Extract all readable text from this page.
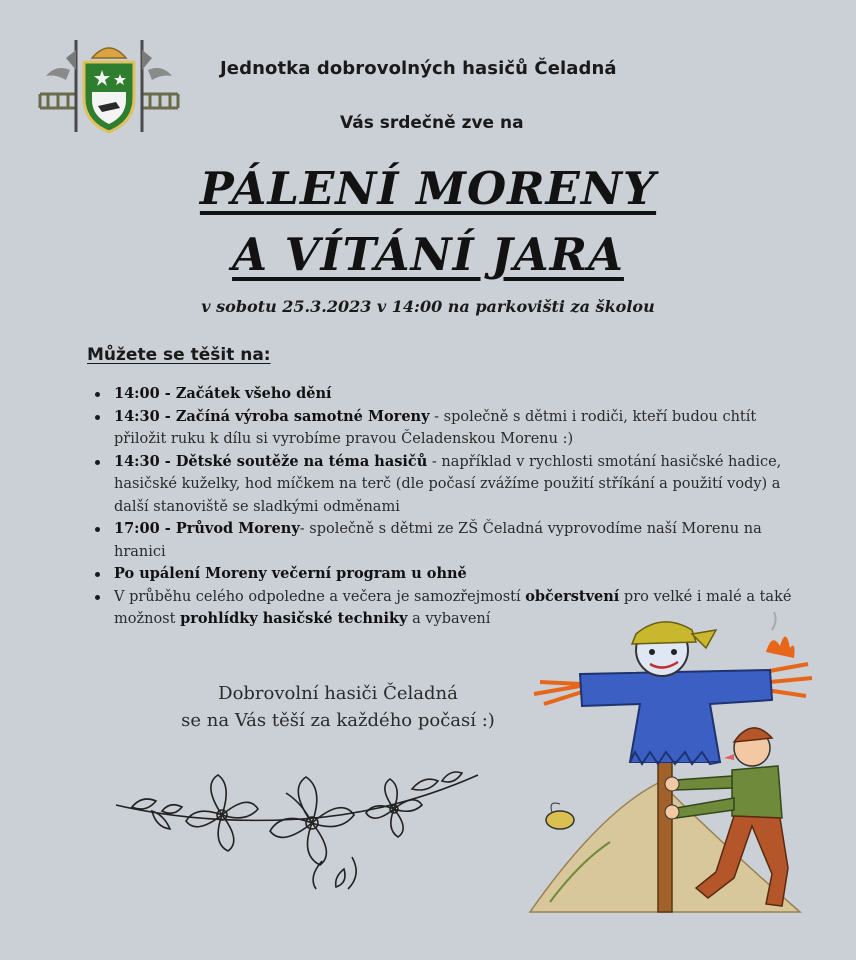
Jednotka dobrovolných hasičů Čeladná
Vás srdečně zve na
PÁLENÍ MORENY
A VÍTÁNÍ JARA
v sobotu 25.3.2023 v 14:00 na parkovišti za školou
Můžete se těšit na:
14:00 - Začátek všeho dění
14:30 - Začíná výroba samotné Moreny - společně s dětmi i rodiči, kteří budou chtít přiložit ruku k dílu si vyrobíme pravou Čeladenskou Morenu :)
14:30 - Dětské soutěže na téma hasičů - například v rychlosti smotání hasičské hadice, hasičské kuželky, hod míčkem na terč (dle počasí zvážíme použití stříkání a použití vody) a další stanoviště se sladkými odměnami
17:00 - Průvod Moreny- společně s dětmi ze ZŠ Čeladná vyprovodíme naší Morenu na hranici
Po upálení Moreny večerní program u ohně
V průběhu celého odpoledne a večera je samozřejmostí občerstvení pro velké i malé a také možnost prohlídky hasičské techniky a vybavení
Dobrovolní hasiči Čeladná
se na Vás těší za každého počasí :)
